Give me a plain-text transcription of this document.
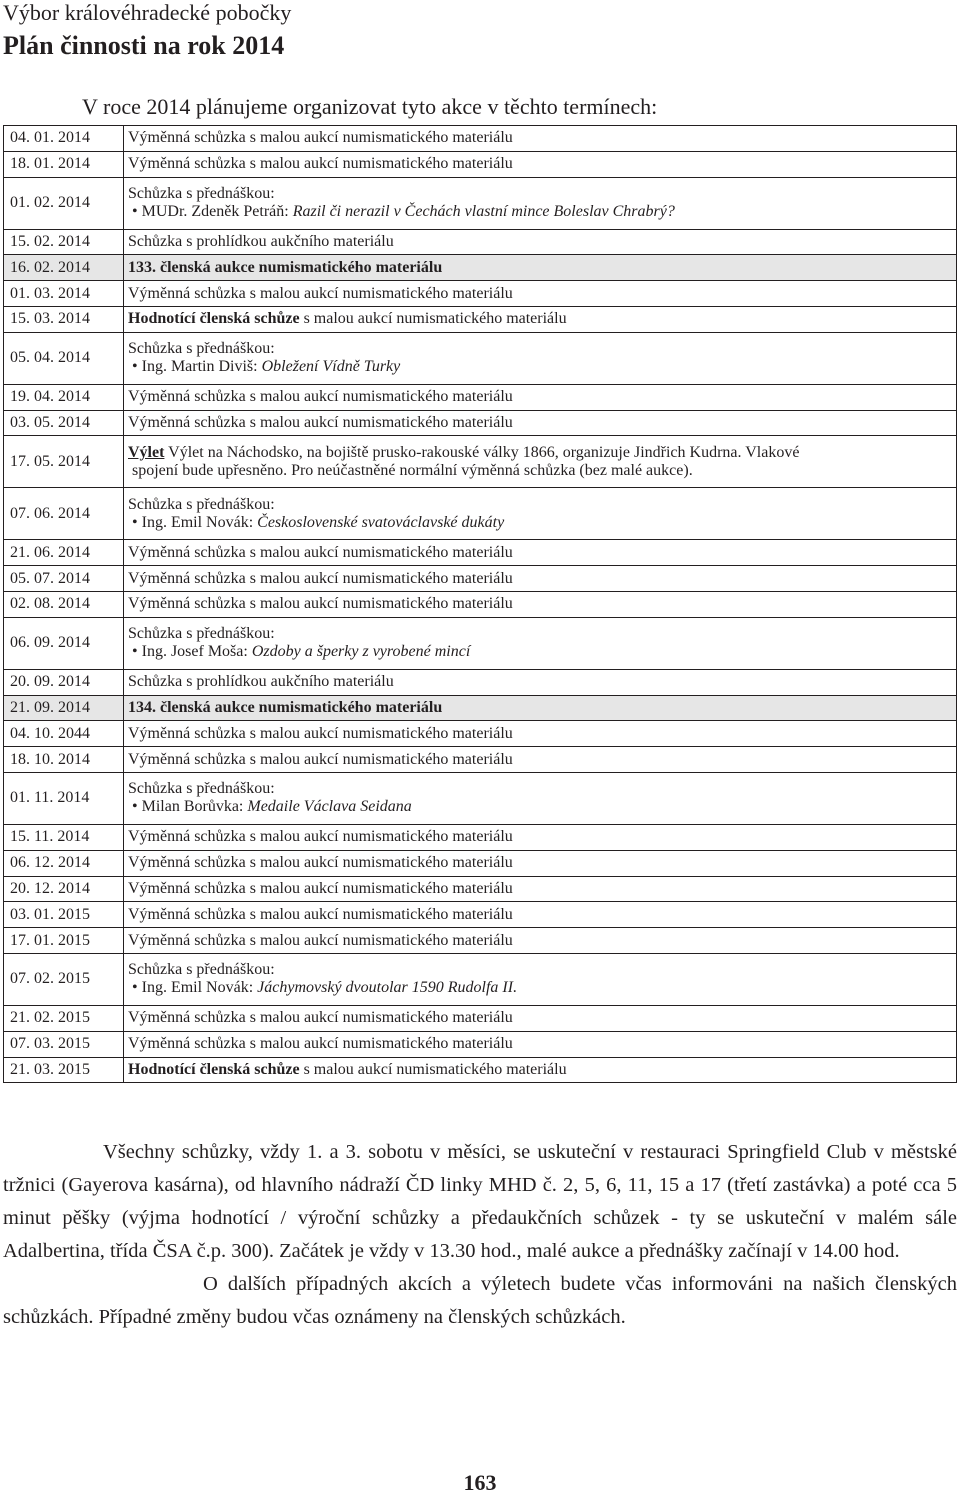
Výbor královéhradecké pobočky
Plán činnosti na rok 2014
V roce 2014 plánujeme organizovat tyto akce v těchto termínech:
04. 01. 2014	Výměnná schůzka s malou aukcí numismatického materiálu
18. 01. 2014	Výměnná schůzka s malou aukcí numismatického materiálu
01. 02. 2014	Schůzka s přednáškou:
• MUDr. Zdeněk Petráň: Razil či nerazil v Čechách vlastní mince Boleslav Chrabrý?

15. 02. 2014	Schůzka s prohlídkou aukčního materiálu
16. 02. 2014	133. členská aukce numismatického materiálu
01. 03. 2014	Výměnná schůzka s malou aukcí numismatického materiálu
15. 03. 2014	Hodnotící členská schůze s malou aukcí numismatického materiálu
05. 04. 2014	Schůzka s přednáškou:
• Ing. Martin Diviš: Obležení Vídně Turky

19. 04. 2014	Výměnná schůzka s malou aukcí numismatického materiálu
03. 05. 2014	Výměnná schůzka s malou aukcí numismatického materiálu
17. 05. 2014	Výlet Výlet na Náchodsko, na bojiště prusko-rakouské války 1866, organizuje Jindřich Kudrna. Vlakové
spojení bude upřesněno. Pro neúčastněné normální výměnná schůzka (bez malé aukce).

07. 06. 2014	Schůzka s přednáškou:
• Ing. Emil Novák: Československé svatováclavské dukáty

21. 06. 2014	Výměnná schůzka s malou aukcí numismatického materiálu
05. 07. 2014	Výměnná schůzka s malou aukcí numismatického materiálu
02. 08. 2014	Výměnná schůzka s malou aukcí numismatického materiálu
06. 09. 2014	Schůzka s přednáškou:
• Ing. Josef Moša: Ozdoby a šperky z vyrobené mincí

20. 09. 2014	Schůzka s prohlídkou aukčního materiálu
21. 09. 2014	134. členská aukce numismatického materiálu
04. 10. 2044	Výměnná schůzka s malou aukcí numismatického materiálu
18. 10. 2014	Výměnná schůzka s malou aukcí numismatického materiálu
01. 11. 2014	Schůzka s přednáškou:
• Milan Borůvka: Medaile Václava Seidana

15. 11. 2014	Výměnná schůzka s malou aukcí numismatického materiálu
06. 12. 2014	Výměnná schůzka s malou aukcí numismatického materiálu
20. 12. 2014	Výměnná schůzka s malou aukcí numismatického materiálu
03. 01. 2015	Výměnná schůzka s malou aukcí numismatického materiálu
17. 01. 2015	Výměnná schůzka s malou aukcí numismatického materiálu
07. 02. 2015	Schůzka s přednáškou:
• Ing. Emil Novák: Jáchymovský dvoutolar 1590 Rudolfa II.

21. 02. 2015	Výměnná schůzka s malou aukcí numismatického materiálu
07. 03. 2015	Výměnná schůzka s malou aukcí numismatického materiálu
21. 03. 2015	Hodnotící členská schůze s malou aukcí numismatického materiálu

Všechny schůzky, vždy 1. a 3. sobotu v měsíci, se uskuteční v restauraci Springfield Club v městské tržnici (Gayerova kasárna), od hlavního nádraží ČD linky MHD č. 2, 5, 6, 11, 15 a 17 (třetí zastávka) a poté cca 5 minut pěšky (výjma hodnotící / výroční schůzky a předaukčních schůzek - ty se uskuteční v malém sále Adalbertina, třída ČSA č.p. 300). Začátek je vždy v 13.30 hod., malé aukce a přednášky začínají v 14.00 hod.

O dalších případných akcích a výletech budete včas informováni na našich členských schůzkách. Případné změny budou včas oznámeny na členských schůzkách.

163
